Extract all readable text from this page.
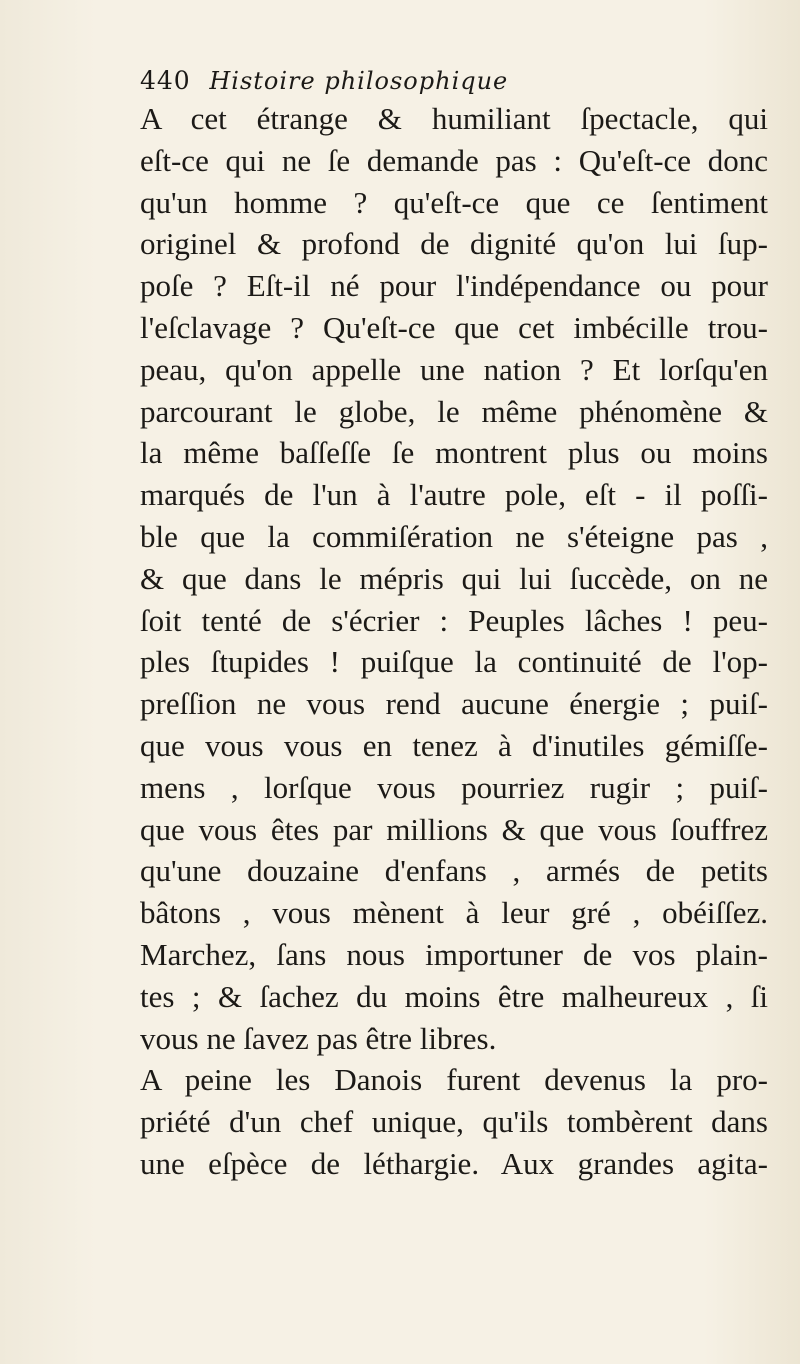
440 Histoire philosophique
A cet étrange & humiliant ſpectacle, qui
eſt-ce qui ne ſe demande pas : Qu'eſt-ce donc
qu'un homme ? qu'eſt-ce que ce ſentiment
originel & profond de dignité qu'on lui ſup-
poſe ? Eſt-il né pour l'indépendance ou pour
l'eſclavage ? Qu'eſt-ce que cet imbécille trou-
peau, qu'on appelle une nation ? Et lorſqu'en
parcourant le globe, le même phénomène &
la même baſſeſſe ſe montrent plus ou moins
marqués de l'un à l'autre pole, eſt - il poſſi-
ble que la commiſération ne s'éteigne pas ,
& que dans le mépris qui lui ſuccède, on ne
ſoit tenté de s'écrier : Peuples lâches ! peu-
ples ſtupides ! puiſque la continuité de l'op-
preſſion ne vous rend aucune énergie ; puiſ-
que vous vous en tenez à d'inutiles gémiſſe-
mens , lorſque vous pourriez rugir ; puiſ-
que vous êtes par millions & que vous ſouffrez
qu'une douzaine d'enfans , armés de petits
bâtons , vous mènent à leur gré , obéiſſez.
Marchez, ſans nous importuner de vos plain-
tes ; & ſachez du moins être malheureux , ſi
vous ne ſavez pas être libres.
A peine les Danois furent devenus la pro-
priété d'un chef unique, qu'ils tombèrent dans
une eſpèce de léthargie. Aux grandes agita-
